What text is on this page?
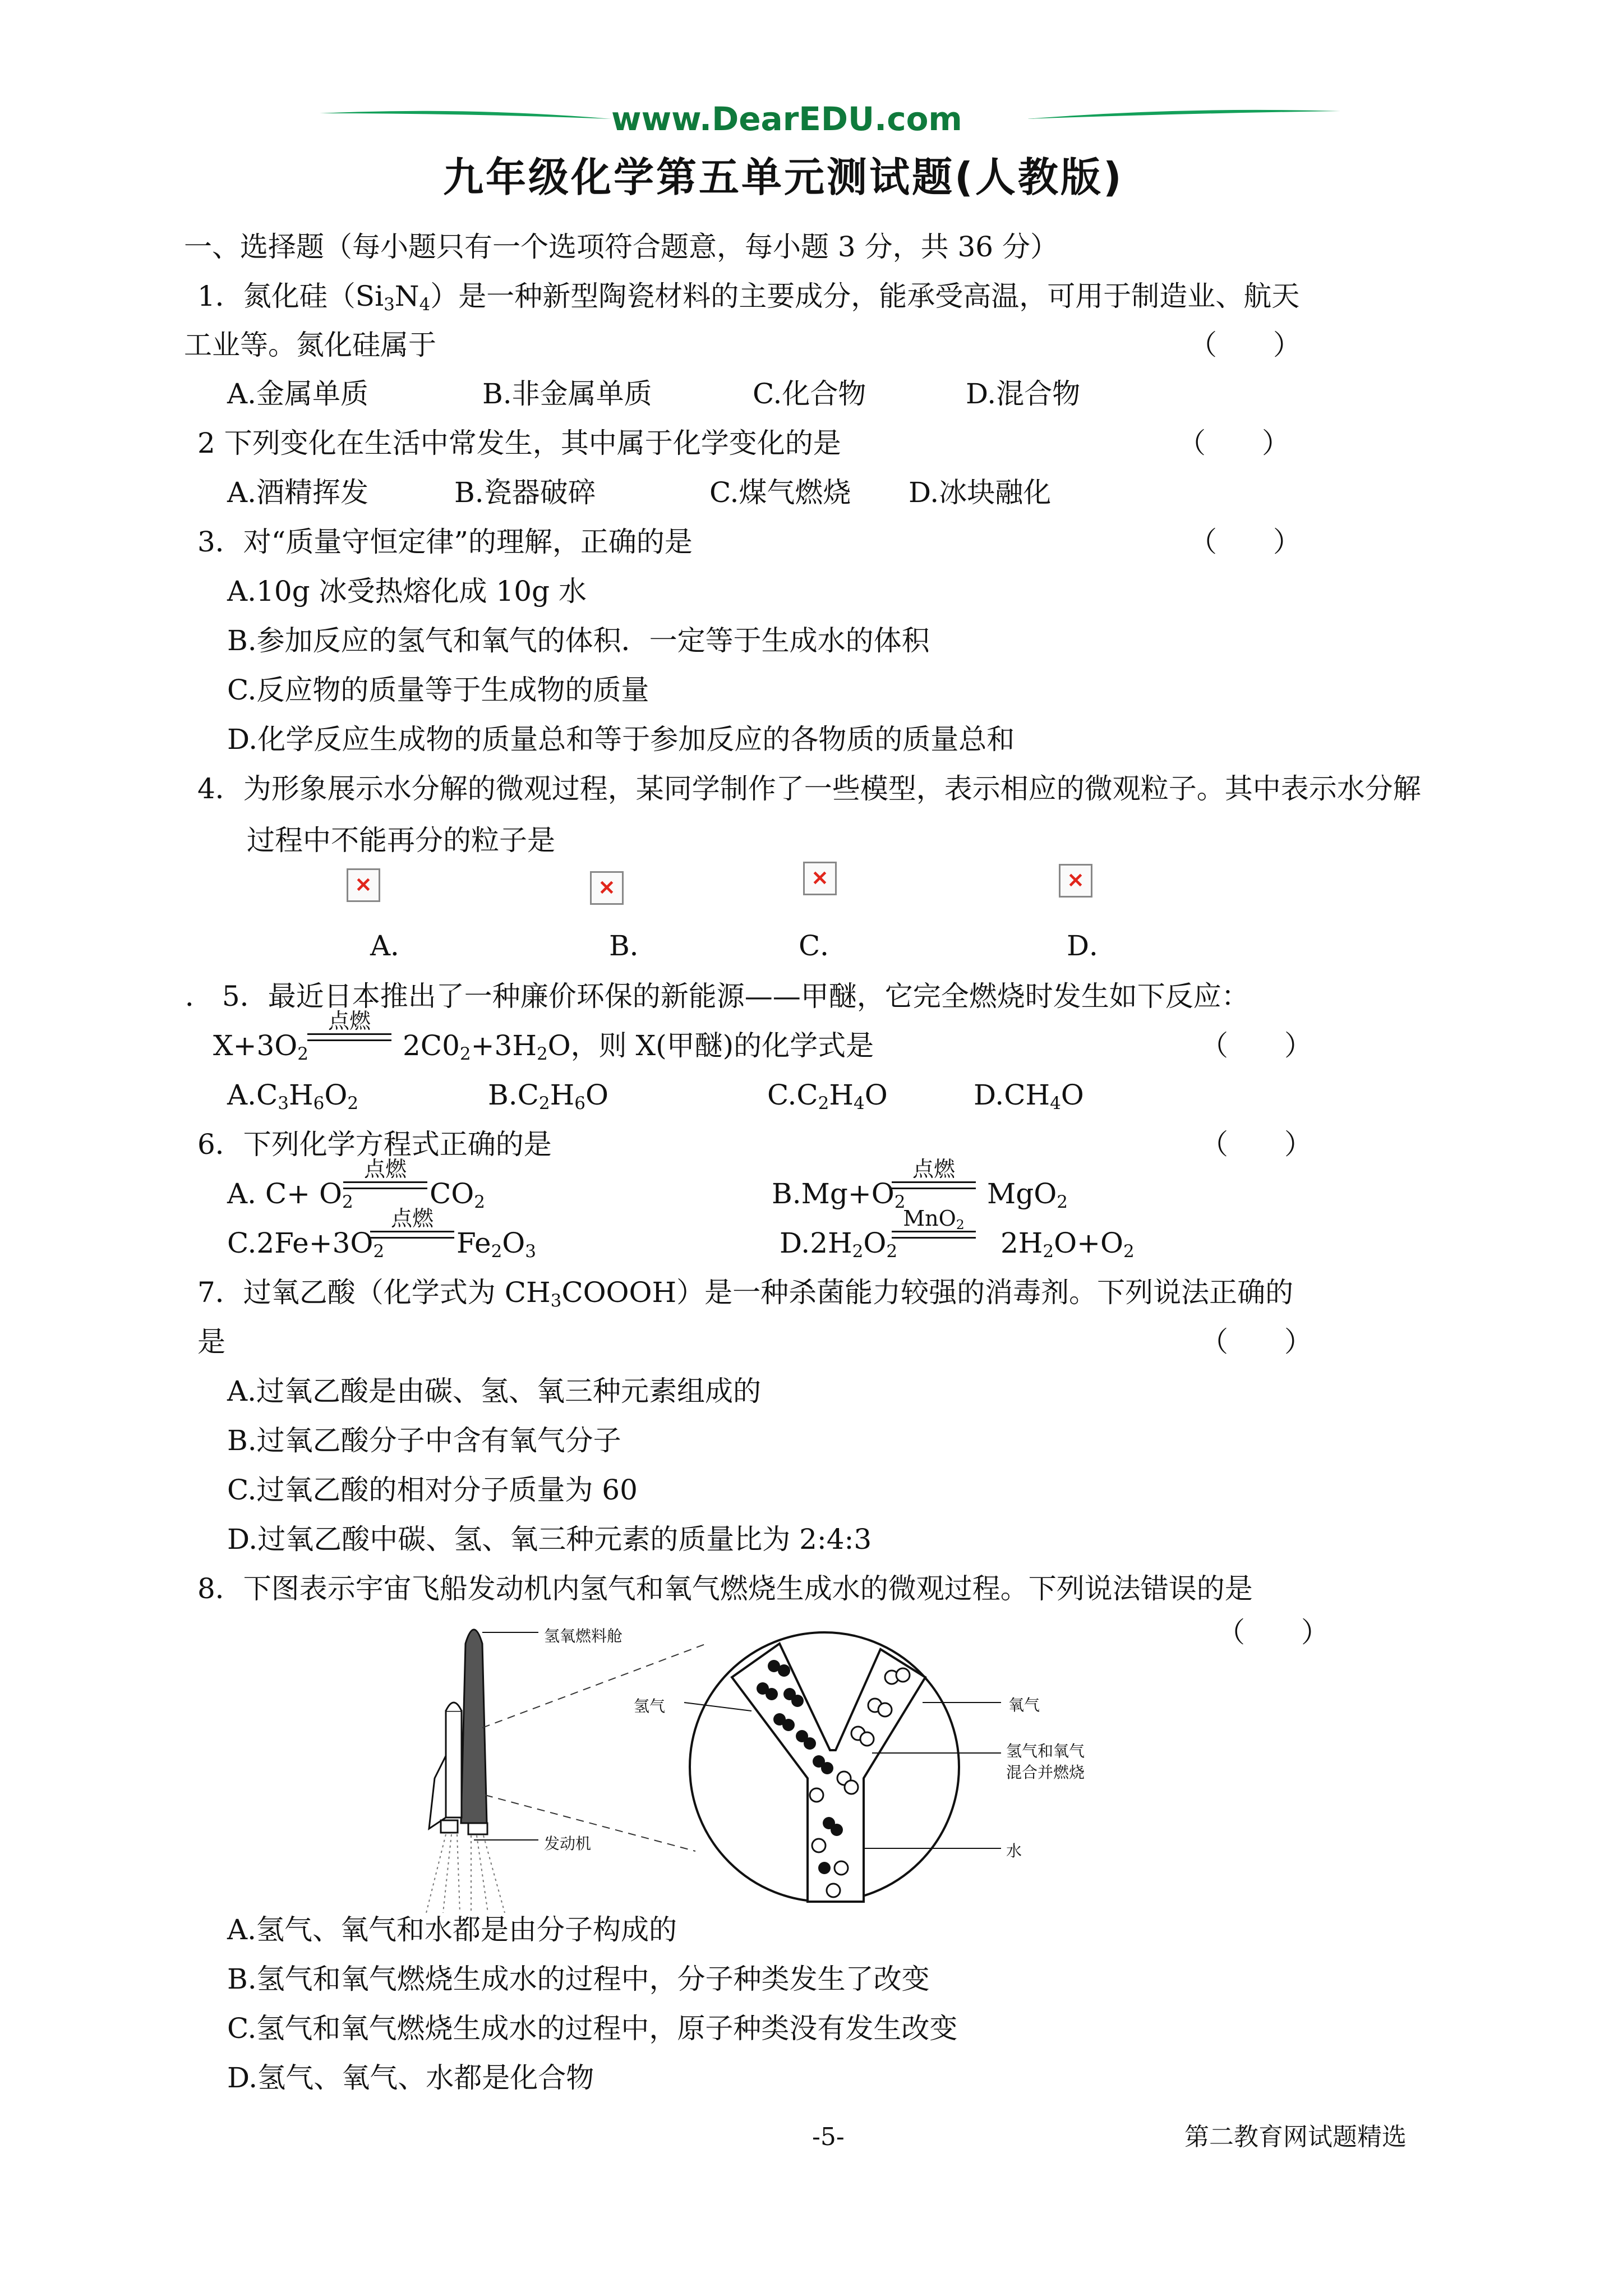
www.DearEDU.com
九年级化学第五单元测试题(人教版)
一、选择题（每小题只有一个选项符合题意，每小题 3 分，共 36 分）
1．氮化硅$(Si_3N_4)$是一种新型陶瓷材料的主要成分，能承受高温，可用于制造业、航天
工业等。氮化硅属于	（　　）
A.金属单质	B.非金属单质	C.化合物	D.混合物
2 下列变化在生活中常发生，其中属于化学变化的是	（　　）
A.酒精挥发	B.瓷器破碎	C.煤气燃烧 D.冰块融化
3．对“质量守恒定律”的理解，正确的是	（　　）
A.10g 冰受热熔化成 10g 水
B.参加反应的氢气和氧气的体积．一定等于生成水的体积
C.反应物的质量等于生成物的质量
D.化学反应生成物的质量总和等于参加反应的各物质的质量总和
4．为形象展示水分解的微观过程，某同学制作了一些模型，表示相应的微观粒子。其中表示水分解
过程中不能再分的粒子是
✕	✕	✕	✕
A．	B．	C．	D．
． 5．最近日本推出了一种廉价环保的新能源——甲醚，它完全燃烧时发生如下反应：
$X+3O_2$
点燃
$2C0_2+3H_2O$，则 X(甲醚)的化学式是	（　　）
$A.C_3H_6O_2$	$B.C_2H_6O$	$C.C_2H_4O$	$D.CH_4O$
6．下列化学方程式正确的是	（　　）
A. $C+ O_2$
点燃
$CO_2$	$B.Mg+O_2$
点燃
MgO$_2$
$C.2Fe+3O_2$
点燃
$Fe_2O_3$	$D.2H_2O_2$
MnO$_2$
$2H_2O+O_2$
7．过氧乙酸（化学式为 $CH_3COOOH$）是一种杀菌能力较强的消毒剂。下列说法正确的
是	（　　）
A.过氧乙酸是由碳、氢、氧三种元素组成的
B.过氧乙酸分子中含有氧气分子
C.过氧乙酸的相对分子质量为 60
D.过氧乙酸中碳、氢、氧三种元素的质量比为 2:4:3
8．下图表示宇宙飞船发动机内氢气和氧气燃烧生成水的微观过程。下列说法错误的是
（　　）
氢氧燃料舱
氢气	氧气
氢气和氧气
混合并燃烧
水
发动机
A.氢气、氧气和水都是由分子构成的
B.氢气和氧气燃烧生成水的过程中，分子种类发生了改变
C.氢气和氧气燃烧生成水的过程中，原子种类没有发生改变
D.氢气、氧气、水都是化合物
-5-	第二教育网试题精选
